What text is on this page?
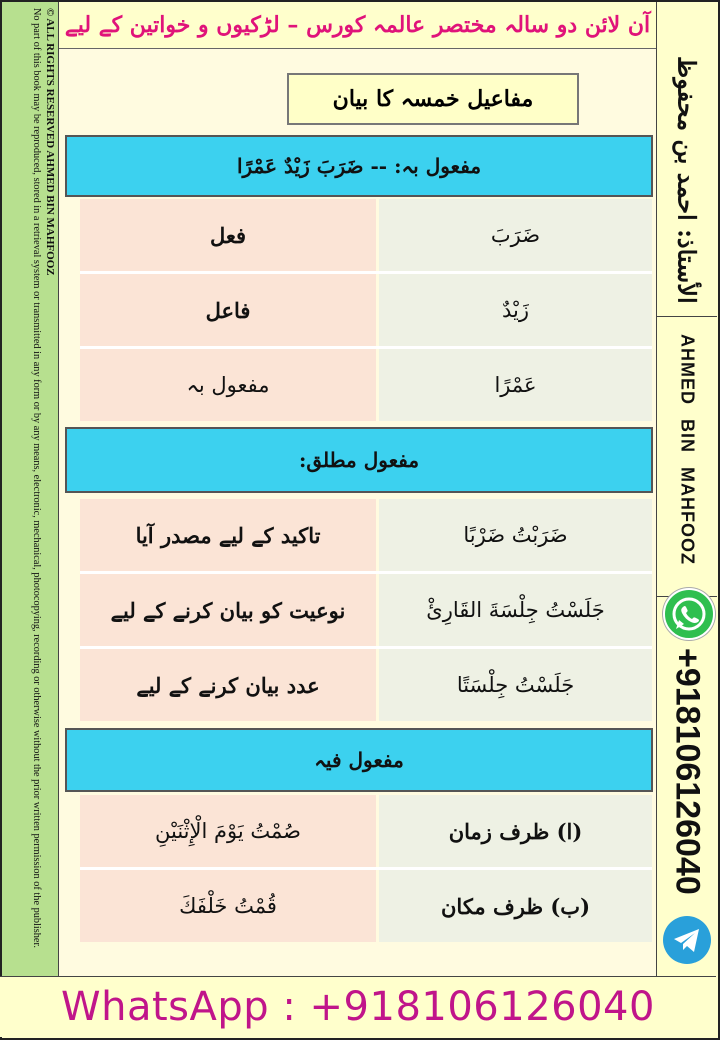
© ALL RIGHTS RESERVED AHMED BIN MAHFOOZ
No part of this book may be reproduced, stored in a retrieval system or transmitted in any form or by any means, electronic, mechanical, photocopying, recording or otherwise without the prior written permission of the publisher. آن لائن دو سالہ مختصر عالمہ کورس – لڑکیوں و خواتین کے لیے
الأستاذ: احمد بن محفوظ
AHMED BIN MAHFOOZ
+918106126040
مفاعیل خمسہ کا بیان
مفعول بہ: -- ضَرَبَ زَيْدٌ عَمْرًا
فعل	ضَرَبَ
فاعل	زَيْدٌ
مفعول بہ	عَمْرًا
مفعول مطلق:
تاکید کے لیے مصدر آیا	ضَرَبْتُ ضَرْبًا
نوعیت کو بیان کرنے کے لیے	جَلَسْتُ جِلْسَةَ القَارِئْ
عدد بیان کرنے کے لیے	جَلَسْتُ جِلْسَتًا
مفعول فیہ
صُمْتُ يَوْمَ الْإِثْنَيْنِ	(ا) ظرف زمان
قُمْتُ خَلْفَكَ	(ب) ظرف مکان
WhatsApp : +918106126040
